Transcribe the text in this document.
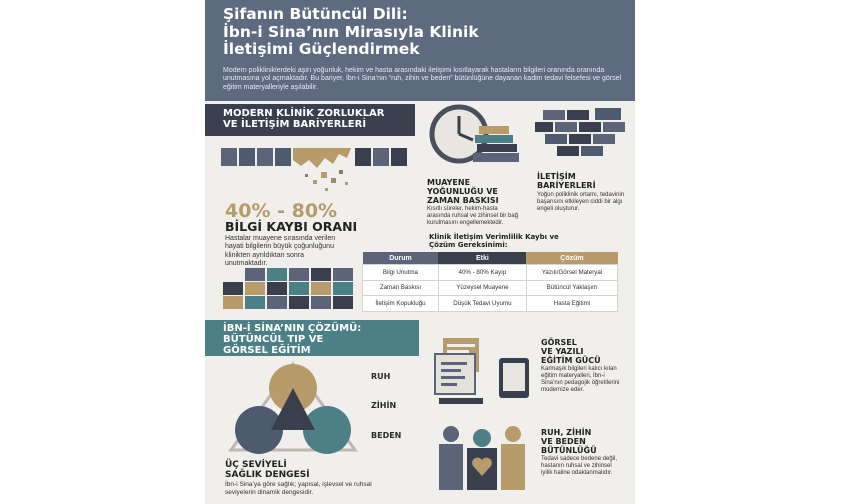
Şifanın Bütüncül Dili:
İbn-i Sina’nın Mirasıyla Klinik
İletişimi Güçlendirmek
Modern polikliniklerdeki aşırı yoğunluk, hekim ve hasta arasındaki iletişimi kısıtlayarak hastaların bilgileri oranında oranında unutmasına yol açmaktadır. Bu bariyer, İbn-i Sina’nın “ruh, zihin ve beden” bütünlüğüne dayanan kadim tedavi felsefesi ve görsel eğitim materyalleriyle aşılabilir.
MODERN KLİNİK ZORLUKLAR
VE İLETİŞİM BARİYERLERİ
40% - 80%
BİLGİ KAYBI ORANI
Hastalar muayene sırasında verilen hayati bilgilerin büyük çoğunluğunu klinikten ayrıldıktan sonra unutmaktadır.
MUAYENE
YOĞUNLUĞU VE
ZAMAN BASKISI
Kısıtlı süreler, hekim-hasta arasında ruhsal ve zihinsel bir bağ kurulmasını engellemektedir.
İLETİŞİM
BARİYERLERİ
Yoğun poliklinik ortamı, tedavinin başarısını etkileyen ciddi bir algı engeli oluşturur.
Klinik İletişim Verimlilik Kaybı ve
Çözüm Gereksinimi:
Durum	Etki	Çözüm
Bilgi Unutma	40% - 80% Kayıp	Yazılı/Görsel Materyal
Zaman Baskısı	Yüzeysel Muayene	Bütüncül Yaklaşım
İletişim Kopukluğu	Düşük Tedavi Uyumu	Hasta Eğitimi
İBN-İ SİNA’NIN ÇÖZÜMÜ:
BÜTÜNCÜL TIP VE
GÖRSEL EĞİTİM
RUH
ZİHİN
BEDEN
ÜÇ SEVİYELİ
SAĞLIK DENGESİ
İbn-i Sina’ya göre sağlık; yapısal, işlevsel ve ruhsal seviyelerin dinamik dengesidir.
GÖRSEL
VE YAZILI
EĞİTİM GÜCÜ
Karmaşık bilgileri kalıcı kılan eğitim materyalleri, İbn-i Sina’nın pedagojik öğretilerini modernize eder.
RUH, ZİHİN
VE BEDEN
BÜTÜNLÜĞÜ
Tedavi sadece bedene değil, hastanın ruhsal ve zihinsel iyilik haline odaklanmalıdır.
